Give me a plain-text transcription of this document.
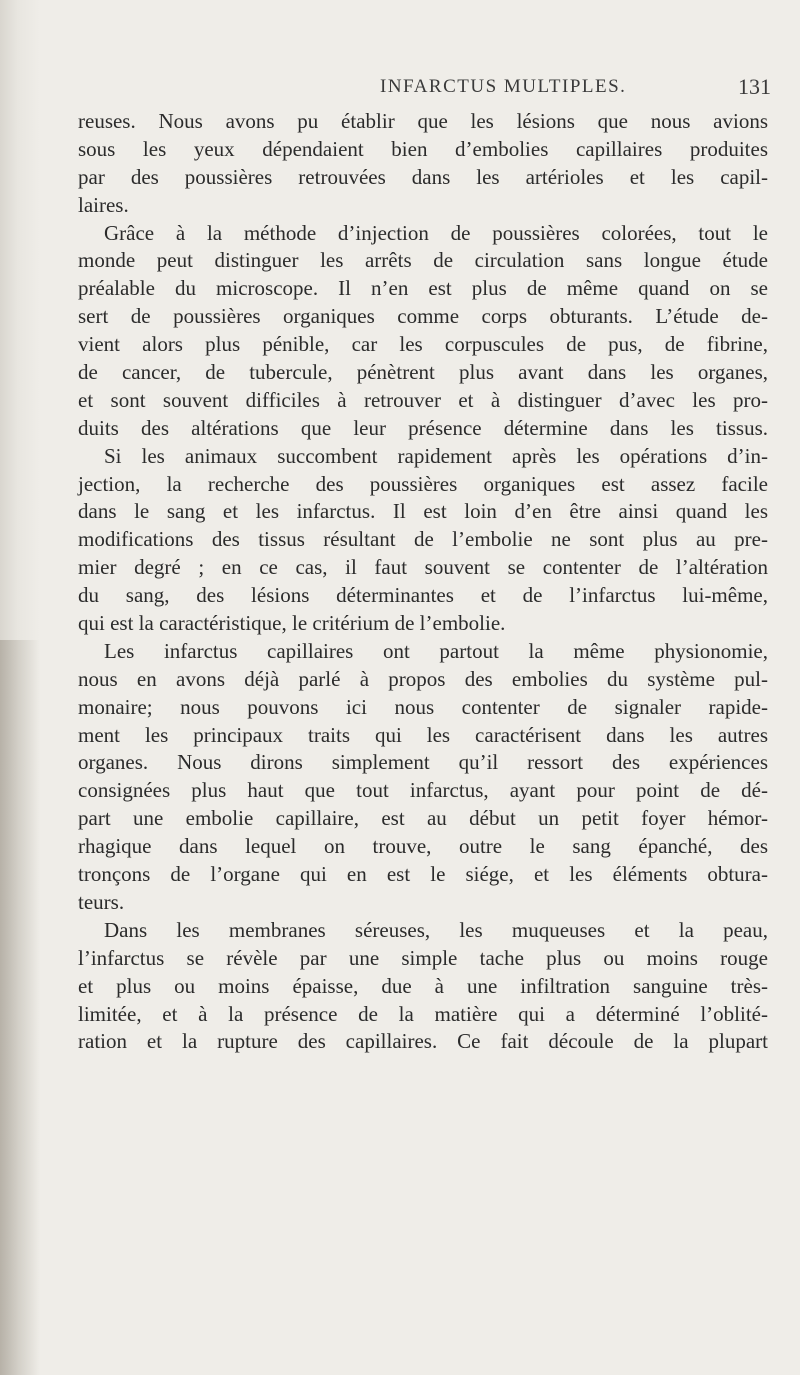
INFARCTUS MULTIPLES.	131
reuses. Nous avons pu établir que les lésions que nous avions
sous les yeux dépendaient bien d’embolies capillaires produites
par des poussières retrouvées dans les artérioles et les capil-
laires.
Grâce à la méthode d’injection de poussières colorées, tout le
monde peut distinguer les arrêts de circulation sans longue étude
préalable du microscope. Il n’en est plus de même quand on se
sert de poussières organiques comme corps obturants. L’étude de-
vient alors plus pénible, car les corpuscules de pus, de fibrine,
de cancer, de tubercule, pénètrent plus avant dans les organes,
et sont souvent difficiles à retrouver et à distinguer d’avec les pro-
duits des altérations que leur présence détermine dans les tissus.
Si les animaux succombent rapidement après les opérations d’in-
jection, la recherche des poussières organiques est assez facile
dans le sang et les infarctus. Il est loin d’en être ainsi quand les
modifications des tissus résultant de l’embolie ne sont plus au pre-
mier degré ; en ce cas, il faut souvent se contenter de l’altération
du sang, des lésions déterminantes et de l’infarctus lui-même,
qui est la caractéristique, le critérium de l’embolie.
Les infarctus capillaires ont partout la même physionomie,
nous en avons déjà parlé à propos des embolies du système pul-
monaire; nous pouvons ici nous contenter de signaler rapide-
ment les principaux traits qui les caractérisent dans les autres
organes. Nous dirons simplement qu’il ressort des expériences
consignées plus haut que tout infarctus, ayant pour point de dé-
part une embolie capillaire, est au début un petit foyer hémor-
rhagique dans lequel on trouve, outre le sang épanché, des
tronçons de l’organe qui en est le siége, et les éléments obtura-
teurs.
Dans les membranes séreuses, les muqueuses et la peau,
l’infarctus se révèle par une simple tache plus ou moins rouge
et plus ou moins épaisse, due à une infiltration sanguine très-
limitée, et à la présence de la matière qui a déterminé l’oblité-
ration et la rupture des capillaires. Ce fait découle de la plupart
